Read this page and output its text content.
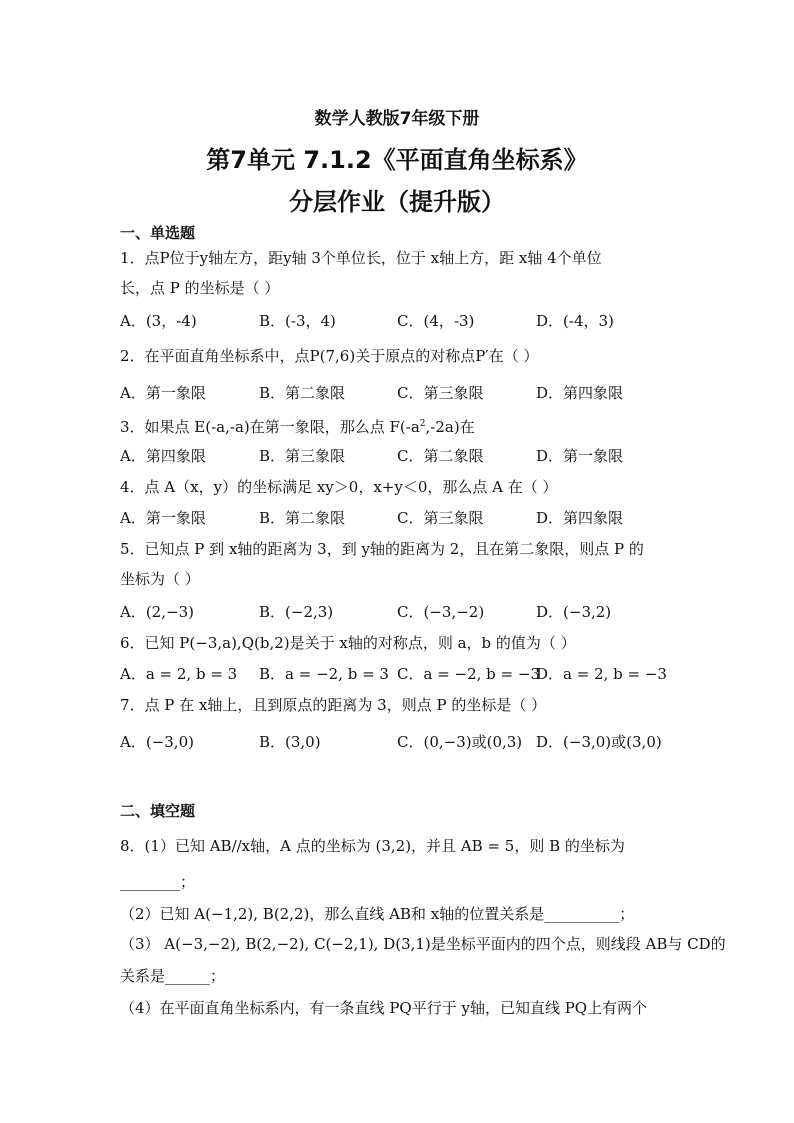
数学人教版7年级下册
第7单元 7.1.2《平面直角坐标系》
分层作业（提升版）
一、单选题
1．点P位于y轴左方，距y轴 3个单位长，位于 x轴上方，距 x轴 4个单位
长，点 P 的坐标是（ ）
A．(3，-4)	B．(-3，4)	C．(4，-3)	D．(-4，3)
2．在平面直角坐标系中，点P(7,6)关于原点的对称点P′在（ ）
A．第一象限	B．第二象限	C．第三象限	D．第四象限
3．如果点 E(-a,-a)在第一象限，那么点 $F(-a^2,-2a)$在
A．第四象限	B．第三象限	C．第二象限	D．第一象限
4．点 A（x，y）的坐标满足 xy＞0，x+y＜0，那么点 A 在（ ）
A．第一象限	B．第二象限	C．第三象限	D．第四象限
5．已知点 P 到 x轴的距离为 3，到 y轴的距离为 2，且在第二象限，则点 P 的
坐标为（ ）
A．(2,−3)	B．(−2,3)	C．(−3,−2)	D．(−3,2)
6．已知 P(−3,a),Q(b,2)是关于 x轴的对称点，则 a，b 的值为（ ）
A．a = 2, b = 3 B．a = −2, b = 3 C．a = −2, b = −3
D．a = 2, b = −3
7．点 P 在 x轴上，且到原点的距离为 3，则点 P 的坐标是（ ）
A．(−3,0)	B．(3,0)	C．(0,−3)或(0,3) D．(−3,0)或(3,0)
二、填空题
8．(1）已知 AB//x轴，A 点的坐标为 (3,2)，并且 AB = 5，则 B 的坐标为
________；
（2）已知 A(−1,2), B(2,2)，那么直线 AB和 x轴的位置关系是__________；
（3） A(−3,−2), B(2,−2), C(−2,1), D(3,1)是坐标平面内的四个点，则线段 AB与 CD的
关系是______；
（4）在平面直角坐标系内，有一条直线 PQ平行于 y轴，已知直线 PQ上有两个
